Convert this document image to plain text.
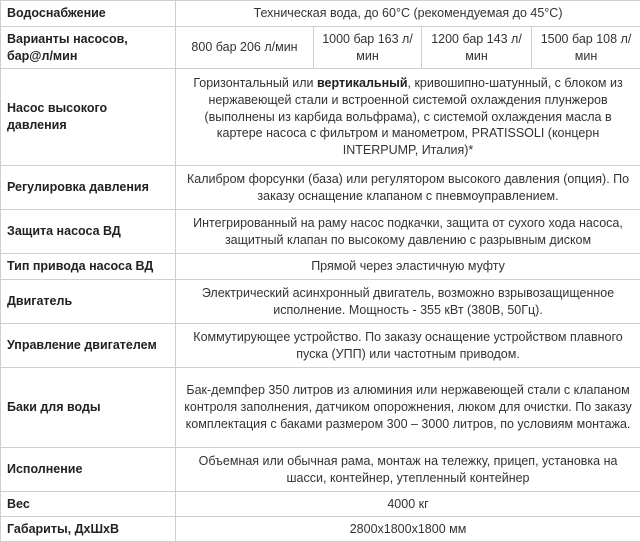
Водоснабжение	Техническая вода, до 60°С (рекомендуемая до 45°С)			
Варианты насосов, бар@л/мин	800 бар 206 л/мин	1000 бар 163 л/мин	1200 бар 143 л/мин	1500 бар 108 л/мин
Насос высокого давления	Горизонтальный или вертикальный, кривошипно-шатунный, с блоком из нержавеющей стали и встроенной системой охлаждения плунжеров (выполнены из карбида вольфрама), с системой охлаждения масла в картере насоса с фильтром и манометром, PRATISSOLI (концерн INTERPUMP, Италия)*			
Регулировка давления	Калибром форсунки (база) или регулятором высокого давления (опция). По заказу оснащение клапаном с пневмоуправлением.			
Защита насоса ВД	Интегрированный на раму насос подкачки, защита от сухого хода насоса, защитный клапан по высокому давлению с разрывным диском			
Тип привода насоса ВД	Прямой через эластичную муфту			
Двигатель	Электрический асинхронный двигатель, возможно взрывозащищенное исполнение. Мощность - 355 кВт (380В, 50Гц).			
Управление двигателем	Коммутирующее устройство. По заказу оснащение устройством плавного пуска (УПП) или частотным приводом.			
Баки для воды	Бак-демпфер 350 литров из алюминия или нержавеющей стали с клапаном контроля заполнения, датчиком опорожнения, люком для очистки. По заказу комплектация с баками размером 300 – 3000 литров, по условиям монтажа.			
Исполнение	Объемная или обычная рама, монтаж на тележку, прицеп, установка на шасси, контейнер, утепленный контейнер			
Вес	4000 кг			
Габариты, ДхШхВ	2800х1800х1800 мм			
